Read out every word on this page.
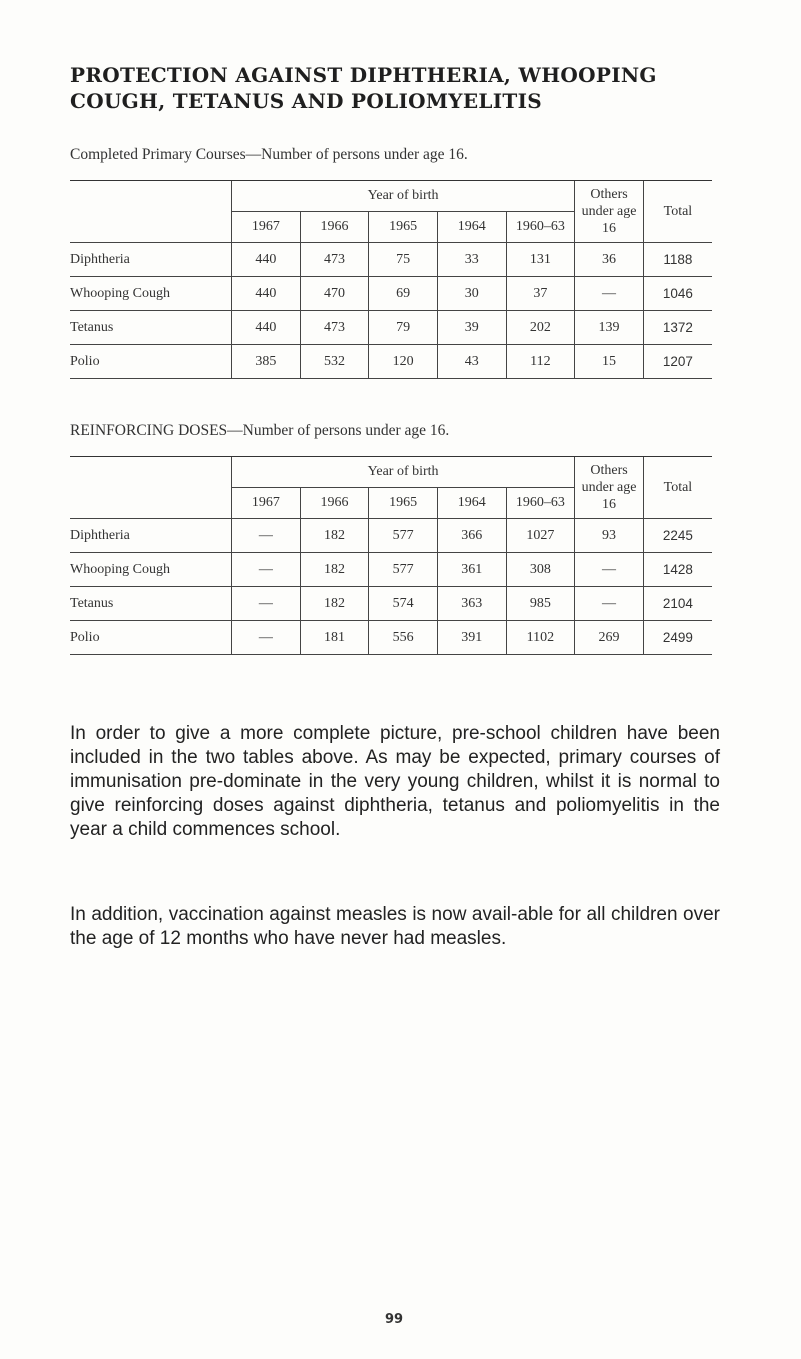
PROTECTION AGAINST DIPHTHERIA, WHOOPING COUGH, TETANUS AND POLIOMYELITIS
Completed Primary Courses—Number of persons under age 16.
	Year of birth					Others under age 16	Total
	1967	1966	1965	1964	1960–63		
Diphtheria	440	473	75	33	131	36	1188
Whooping Cough	440	470	69	30	37	—	1046
Tetanus	440	473	79	39	202	139	1372
Polio	385	532	120	43	112	15	1207
REINFORCING DOSES—Number of persons under age 16.
	Year of birth					Others under age 16	Total
	1967	1966	1965	1964	1960–63		
Diphtheria	—	182	577	366	1027	93	2245
Whooping Cough	—	182	577	361	308	—	1428
Tetanus	—	182	574	363	985	—	2104
Polio	—	181	556	391	1102	269	2499

In order to give a more complete picture, pre-school children have been included in the two tables above. As may be expected, primary courses of immunisation pre-dominate in the very young children, whilst it is normal to give reinforcing doses against diphtheria, tetanus and poliomyelitis in the year a child commences school.

In addition, vaccination against measles is now avail-able for all children over the age of 12 months who have never had measles.

99
